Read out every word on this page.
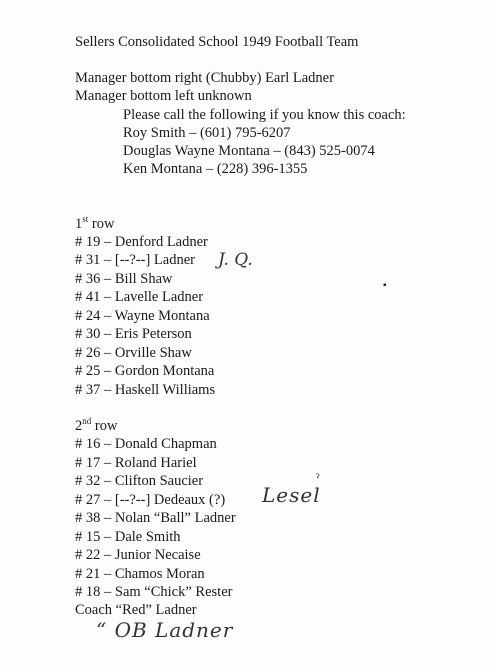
Sellers Consolidated School 1949 Football Team
Manager bottom right (Chubby) Earl Ladner
Manager bottom left unknown
Please call the following if you know this coach:
Roy Smith – (601) 795-6207
Douglas Wayne Montana – (843) 525-0074
Ken Montana – (228) 396-1355
1st row
# 19 – Denford Ladner
# 31 – [--?--] Ladner
# 36 – Bill Shaw
# 41 – Lavelle Ladner
# 24 – Wayne Montana
# 30 – Eris Peterson
# 26 – Orville Shaw
# 25 – Gordon Montana
# 37 – Haskell Williams
J. Q.
▪
2nd row
# 16 – Donald Chapman
# 17 – Roland Hariel
# 32 – Clifton Saucier
# 27 – [--?--] Dedeaux (?)
# 38 – Nolan “Ball” Ladner
# 15 – Dale Smith
# 22 – Junior Necaise
# 21 – Chamos Moran
# 18 – Sam “Chick” Rester
Coach “Red” Ladner
ɂ
Lesel
“ OB Ladner
